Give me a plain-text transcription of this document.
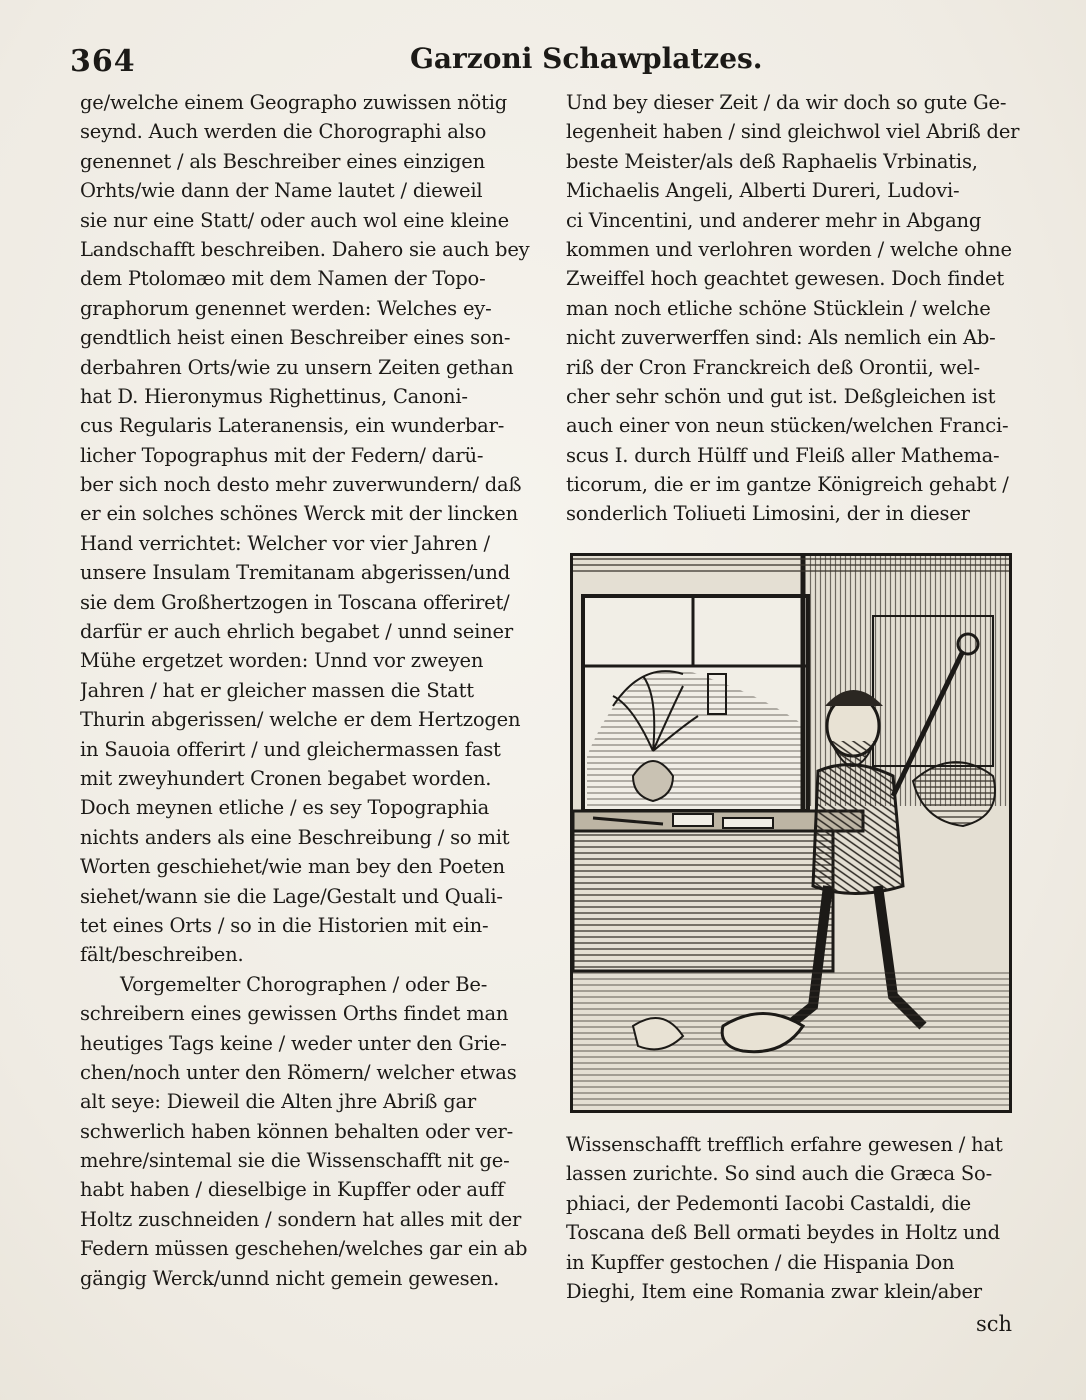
364	Garzoni Schawplatzes.
ge/welche einem Geographo zuwissen nötig
seynd. Auch werden die Chorographi also
genennet / als Beschreiber eines einzigen
Orhts/wie dann der Name lautet / dieweil
sie nur eine Statt/ oder auch wol eine kleine
Landschafft beschreiben. Dahero sie auch bey
dem Ptolomæo mit dem Namen der Topo-
graphorum genennet werden: Welches ey-
gendtlich heist einen Beschreiber eines son-
derbahren Orts/wie zu unsern Zeiten gethan
hat D. Hieronymus Righettinus, Canoni-
cus Regularis Lateranensis, ein wunderbar-
licher Topographus mit der Federn/ darü-
ber sich noch desto mehr zuverwundern/ daß
er ein solches schönes Werck mit der lincken
Hand verrichtet: Welcher vor vier Jahren /
unsere Insulam Tremitanam abgerissen/und
sie dem Großhertzogen in Toscana offeriret/
darfür er auch ehrlich begabet / unnd seiner
Mühe ergetzet worden: Unnd vor zweyen
Jahren / hat er gleicher massen die Statt
Thurin abgerissen/ welche er dem Hertzogen
in Sauoia offerirt / und gleichermassen fast
mit zweyhundert Cronen begabet worden.
Doch meynen etliche / es sey Topographia
nichts anders als eine Beschreibung / so mit
Worten geschiehet/wie man bey den Poeten
siehet/wann sie die Lage/Gestalt und Quali-
tet eines Orts / so in die Historien mit ein-
fält/beschreiben.
Vorgemelter Chorographen / oder Be-
schreibern eines gewissen Orths findet man
heutiges Tags keine / weder unter den Grie-
chen/noch unter den Römern/ welcher etwas
alt seye: Dieweil die Alten jhre Abriß gar
schwerlich haben können behalten oder ver-
mehre/sintemal sie die Wissenschafft nit ge-
habt haben / dieselbige in Kupffer oder auff
Holtz zuschneiden / sondern hat alles mit der
Federn müssen geschehen/welches gar ein ab
gängig Werck/unnd nicht gemein gewesen.
Und bey dieser Zeit / da wir doch so gute Ge-
legenheit haben / sind gleichwol viel Abriß der
beste Meister/als deß Raphaelis Vrbinatis,
Michaelis Angeli, Alberti Dureri, Ludovi-
ci Vincentini, und anderer mehr in Abgang
kommen und verlohren worden / welche ohne
Zweiffel hoch geachtet gewesen. Doch findet
man noch etliche schöne Stücklein / welche
nicht zuverwerffen sind: Als nemlich ein Ab-
riß der Cron Franckreich deß Orontii, wel-
cher sehr schön und gut ist. Deßgleichen ist
auch einer von neun stücken/welchen Franci-
scus I. durch Hülff und Fleiß aller Mathema-
ticorum, die er im gantze Königreich gehabt /
sonderlich Toliueti Limosini, der in dieser
Wissenschafft trefflich erfahre gewesen / hat
lassen zurichte. So sind auch die Græca So-
phiaci, der Pedemonti Iacobi Castaldi, die
Toscana deß Bell ormati beydes in Holtz und
in Kupffer gestochen / die Hispania Don
Dieghi, Item eine Romania zwar klein/aber
sch
